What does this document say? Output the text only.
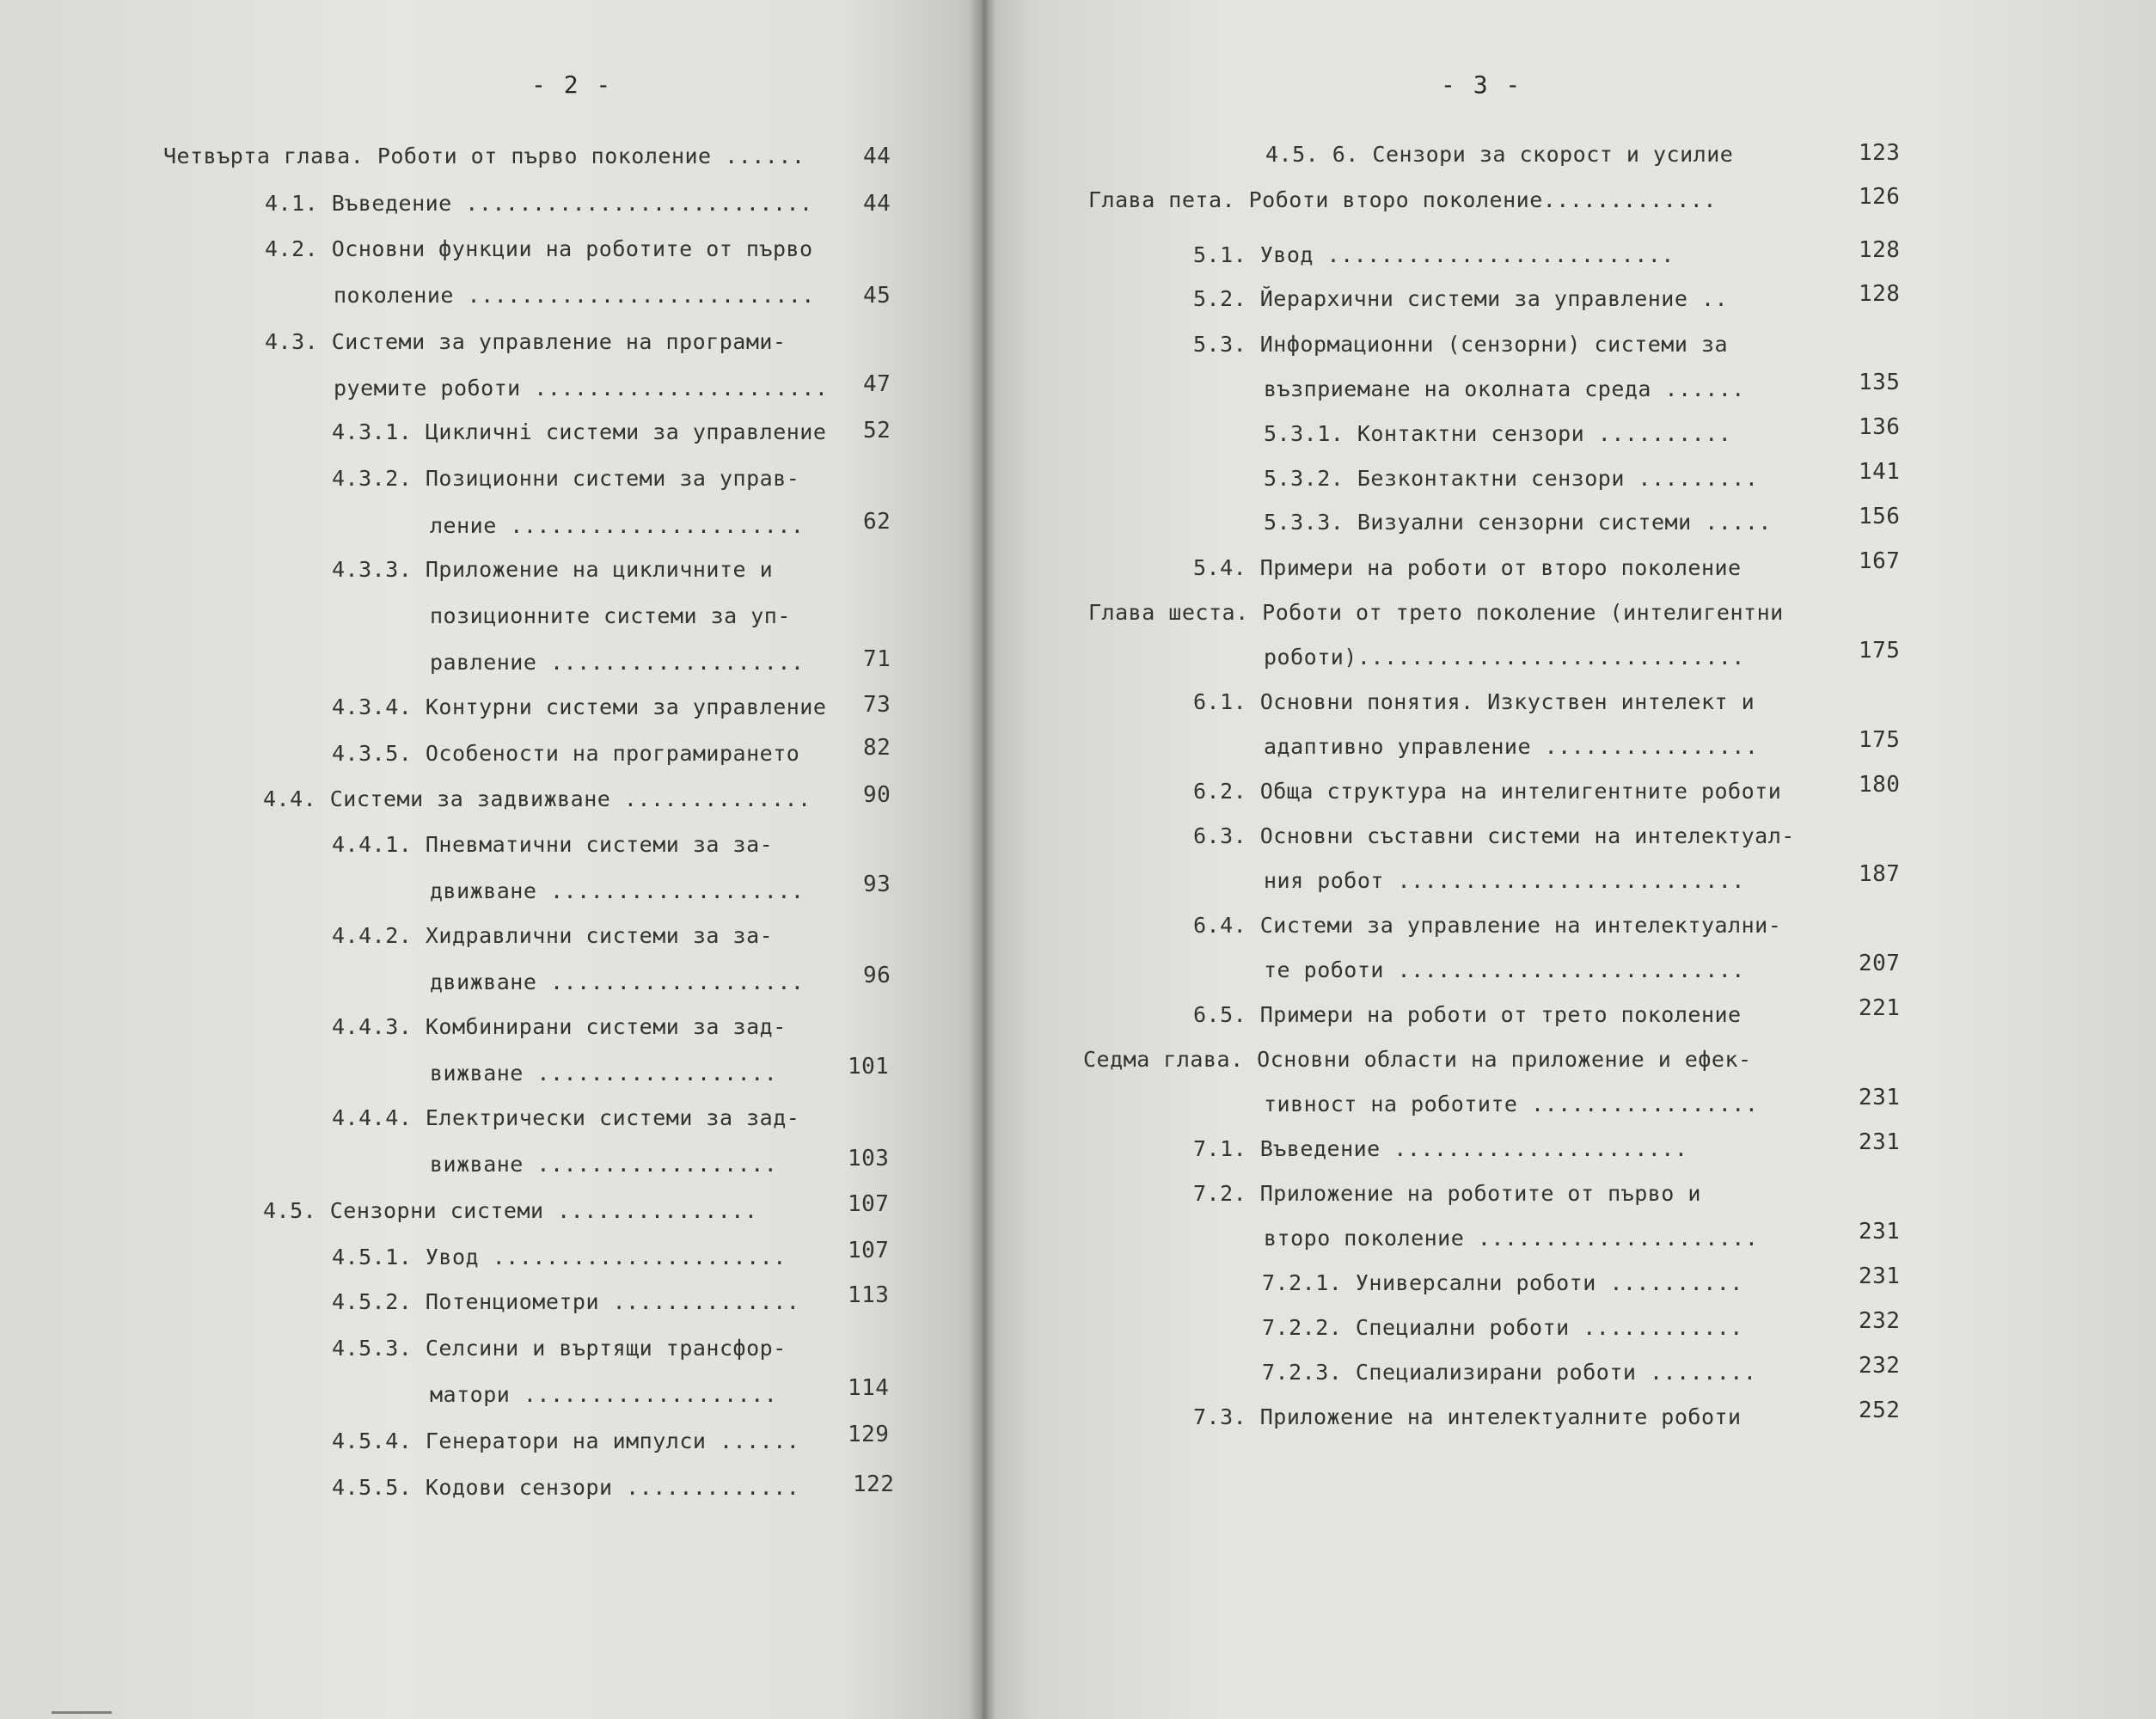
- 2 -
Четвърта глава. Роботи от първо поколение ......	44
4.1. Въведение .......................... 44
4.2. Основни функции на роботите от първо
поколение .......................... 45
4.3. Системи за управление на програми-
руемите роботи ...................... 47
4.3.1. Цикличнi системи за управление 52
4.3.2. Позиционни системи за управ-
ление ......................	62
4.3.3. Приложение на цикличните и
позиционните системи за уп-
равление ...................	71
4.3.4. Контурни системи за управление 73
4.3.5. Особености на програмирането	82
4.4. Системи за задвижване .............. 90
4.4.1. Пневматични системи за за-
движване ...................	93
4.4.2. Хидравлични системи за за-
движване ...................	96
4.4.3. Комбинирани системи за зад-
вижване ..................	101
4.4.4. Електрически системи за зад-
вижване ..................	103
4.5. Сензорни системи ...............	107
4.5.1. Увод ......................	107
4.5.2. Потенциометри .............. 113
4.5.3. Селсини и въртящи трансфор-
матори ...................	114
4.5.4. Генератори на импулси ...... 129
4.5.5. Кодови сензори ............. 122
- 3 -
4.5. 6. Сензори за скорост и усилие	123
Глава пета. Роботи второ поколение.............	126
5.1. Увод ..........................	128
5.2. Йерархични системи за управление ..	128
5.3. Информационни (сензорни) системи за
възприемане на околната среда ......	135
5.3.1. Контактни сензори ..........	136
5.3.2. Безконтактни сензори .........	141
5.3.3. Визуални сензорни системи .....	156
5.4. Примери на роботи от второ поколение	167
Глава шеста. Роботи от трето поколение (интелигентни
роботи).............................	175
6.1. Основни понятия. Изкуствен интелект и
адаптивно управление ................	175
6.2. Обща структура на интелигентните роботи	180
6.3. Основни съставни системи на интелектуал-
ния робот ..........................	187
6.4. Системи за управление на интелектуални-
те роботи ..........................	207
6.5. Примери на роботи от трето поколение	221
Седма глава. Основни области на приложение и ефек-
тивност на роботите .................	231
7.1. Въведение ......................	231
7.2. Приложение на роботите от първо и
второ поколение .....................	231
7.2.1. Универсални роботи ..........	231
7.2.2. Специални роботи ............	232
7.2.3. Специализирани роботи ........	232
7.3. Приложение на интелектуалните роботи	252
